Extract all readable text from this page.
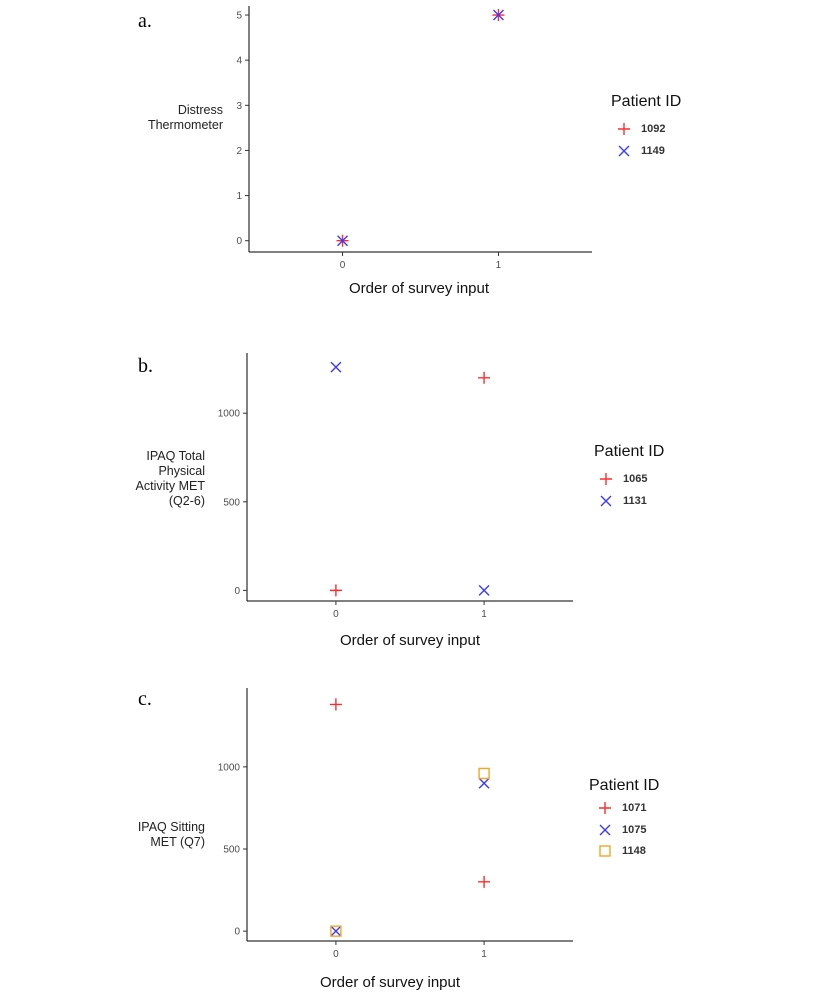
a.
Distress
Thermometer
0
1
2
3
4
5
0	1
Order of survey input
Patient ID
1092
1149
b.
IPAQ Total
Physical
Activity MET
(Q2-6)
0
500
1000
0	1
Order of survey input
Patient ID
1065
1131
c.
IPAQ Sitting
MET (Q7)
0
500
1000
0	1
Order of survey input
Patient ID
1071
1075
1148
